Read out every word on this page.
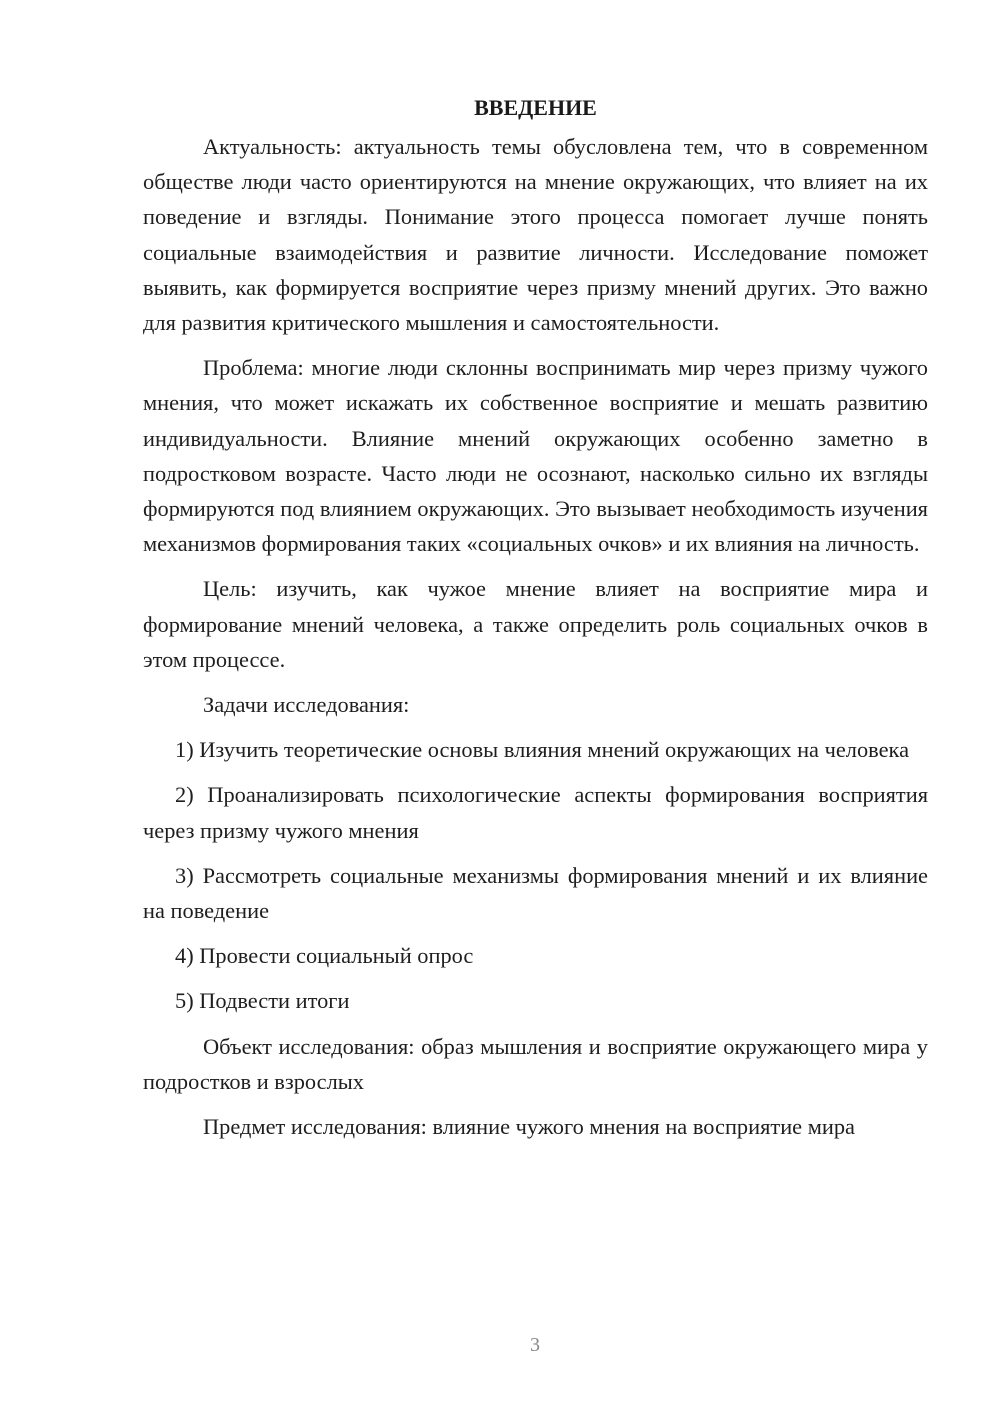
ВВЕДЕНИЕ

Актуальность: актуальность темы обусловлена тем, что в современном обществе люди часто ориентируются на мнение окружающих, что влияет на их поведение и взгляды. Понимание этого процесса помогает лучше понять социальные взаимодействия и развитие личности. Исследование поможет выявить, как формируется восприятие через призму мнений других. Это важно для развития критического мышления и самостоятельности.

Проблема: многие люди склонны воспринимать мир через призму чужого мнения, что может искажать их собственное восприятие и мешать развитию индивидуальности. Влияние мнений окружающих особенно заметно в подростковом возрасте. Часто люди не осознают, насколько сильно их взгляды формируются под влиянием окружающих. Это вызывает необходимость изучения механизмов формирования таких «социальных очков» и их влияния на личность.

Цель: изучить, как чужое мнение влияет на восприятие мира и формирование мнений человека, а также определить роль социальных очков в этом процессе.

Задачи исследования:

1) Изучить теоретические основы влияния мнений окружающих на человека

2) Проанализировать психологические аспекты формирования восприятия через призму чужого мнения

3) Рассмотреть социальные механизмы формирования мнений и их влияние на поведение

4) Провести социальный опрос

5) Подвести итоги

Объект исследования: образ мышления и восприятие окружающего мира у подростков и взрослых

Предмет исследования: влияние чужого мнения на восприятие мира

3
